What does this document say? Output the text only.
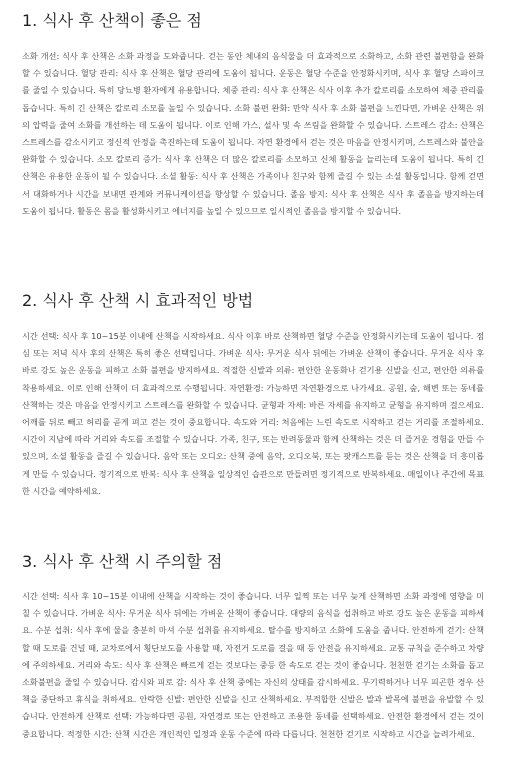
1. 식사 후 산책이 좋은 점

소화 개선: 식사 후 산책은 소화 과정을 도와줍니다. 걷는 동안 체내의 음식물을 더 효과적으로 소화하고, 소화 관련 불편함을 완화할 수 있습니다. 혈당 관리: 식사 후 산책은 혈당 관리에 도움이 됩니다. 운동은 혈당 수준을 안정화시키며, 식사 후 혈당 스파이크를 줄일 수 있습니다. 특히 당뇨병 환자에게 유용합니다. 체중 관리: 식사 후 산책은 식사 이후 추가 칼로리를 소모하여 체중 관리를 돕습니다. 특히 긴 산책은 칼로리 소모를 높일 수 있습니다. 소화 불편 완화: 만약 식사 후 소화 불편을 느낀다면, 가벼운 산책은 위의 압력을 줄여 소화를 개선하는 데 도움이 됩니다. 이로 인해 가스, 설사 및 속 쓰림을 완화할 수 있습니다. 스트레스 감소: 산책은 스트레스를 감소시키고 정신적 안정을 촉진하는데 도움이 됩니다. 자연 환경에서 걷는 것은 마음을 안정시키며, 스트레스와 불안을 완화할 수 있습니다. 소모 칼로리 증가: 식사 후 산책은 더 많은 칼로리를 소모하고 신체 활동을 늘리는데 도움이 됩니다. 특히 긴 산책은 유용한 운동이 될 수 있습니다. 소셜 활동: 식사 후 산책은 가족이나 친구와 함께 즐길 수 있는 소셜 활동입니다. 함께 걷면서 대화하거나 시간을 보내면 관계와 커뮤니케이션을 향상할 수 있습니다. 졸음 방지: 식사 후 산책은 식사 후 졸음을 방지하는데 도움이 됩니다. 활동은 몸을 활성화시키고 에너지를 높일 수 있으므로 일시적인 졸음을 방지할 수 있습니다.

2. 식사 후 산책 시 효과적인 방법

시간 선택: 식사 후 10~15분 이내에 산책을 시작하세요. 식사 이후 바로 산책하면 혈당 수준을 안정화시키는데 도움이 됩니다. 점심 또는 저녁 식사 후의 산책은 특히 좋은 선택입니다. 가벼운 식사: 무거운 식사 뒤에는 가벼운 산책이 좋습니다. 무거운 식사 후 바로 강도 높은 운동을 피하고 소화 불편을 방지하세요. 적절한 신발과 의류: 편안한 운동화나 걷기용 신발을 신고, 편안한 의류를 착용하세요. 이로 인해 산책이 더 효과적으로 수행됩니다. 자연환경: 가능하면 자연환경으로 나가세요. 공원, 숲, 해변 또는 동네를 산책하는 것은 마음을 안정시키고 스트레스를 완화할 수 있습니다. 균형과 자세: 바른 자세를 유지하고 균형을 유지하며 걸으세요. 어깨를 뒤로 빼고 허리를 곧게 펴고 걷는 것이 중요합니다. 속도와 거리: 처음에는 느린 속도로 시작하고 걷는 거리를 조절하세요. 시간이 지남에 따라 거리와 속도를 조절할 수 있습니다. 가족, 친구, 또는 반려동물과 함께 산책하는 것은 더 즐거운 경험을 만들 수 있으며, 소셜 활동을 즐길 수 있습니다. 음악 또는 오디오: 산책 중에 음악, 오디오북, 또는 팟캐스트를 듣는 것은 산책을 더 흥미롭게 만들 수 있습니다. 정기적으로 반복: 식사 후 산책을 일상적인 습관으로 만들려면 정기적으로 반복하세요. 매일이나 주간에 목표한 시간을 예약하세요.

3. 식사 후 산책 시 주의할 점

시간 선택: 식사 후 10~15분 이내에 산책을 시작하는 것이 좋습니다. 너무 일찍 또는 너무 늦게 산책하면 소화 과정에 영향을 미칠 수 있습니다. 가벼운 식사: 무거운 식사 뒤에는 가벼운 산책이 좋습니다. 대량의 음식을 섭취하고 바로 강도 높은 운동을 피하세요. 수분 섭취: 식사 후에 물을 충분히 마셔 수분 섭취를 유지하세요. 탈수를 방지하고 소화에 도움을 줍니다. 안전하게 걷기: 산책할 때 도로를 건널 때, 교차로에서 횡단보도를 사용할 때, 자전거 도로를 걸을 때 등 안전을 유지하세요. 교통 규칙을 준수하고 차량에 주의하세요. 거리와 속도: 식사 후 산책은 빠르게 걷는 것보다는 중등 한 속도로 걷는 것이 좋습니다. 천천한 걷기는 소화를 돕고 소화불편을 줄일 수 있습니다. 감시와 피로 감: 식사 후 산책 중에는 자신의 상태를 감시하세요. 무기력하거나 너무 피곤한 경우 산책을 중단하고 휴식을 취하세요. 안락한 신발: 편안한 신발을 신고 산책하세요. 부적합한 신발은 발과 발목에 불편을 유발할 수 있습니다. 안전하게 산책로 선택: 가능하다면 공원, 자연경로 또는 안전하고 조용한 동네를 선택하세요. 안전한 환경에서 걷는 것이 중요합니다. 적정한 시간: 산책 시간은 개인적인 일정과 운동 수준에 따라 다릅니다. 천천한 걷기로 시작하고 시간을 늘려가세요.
